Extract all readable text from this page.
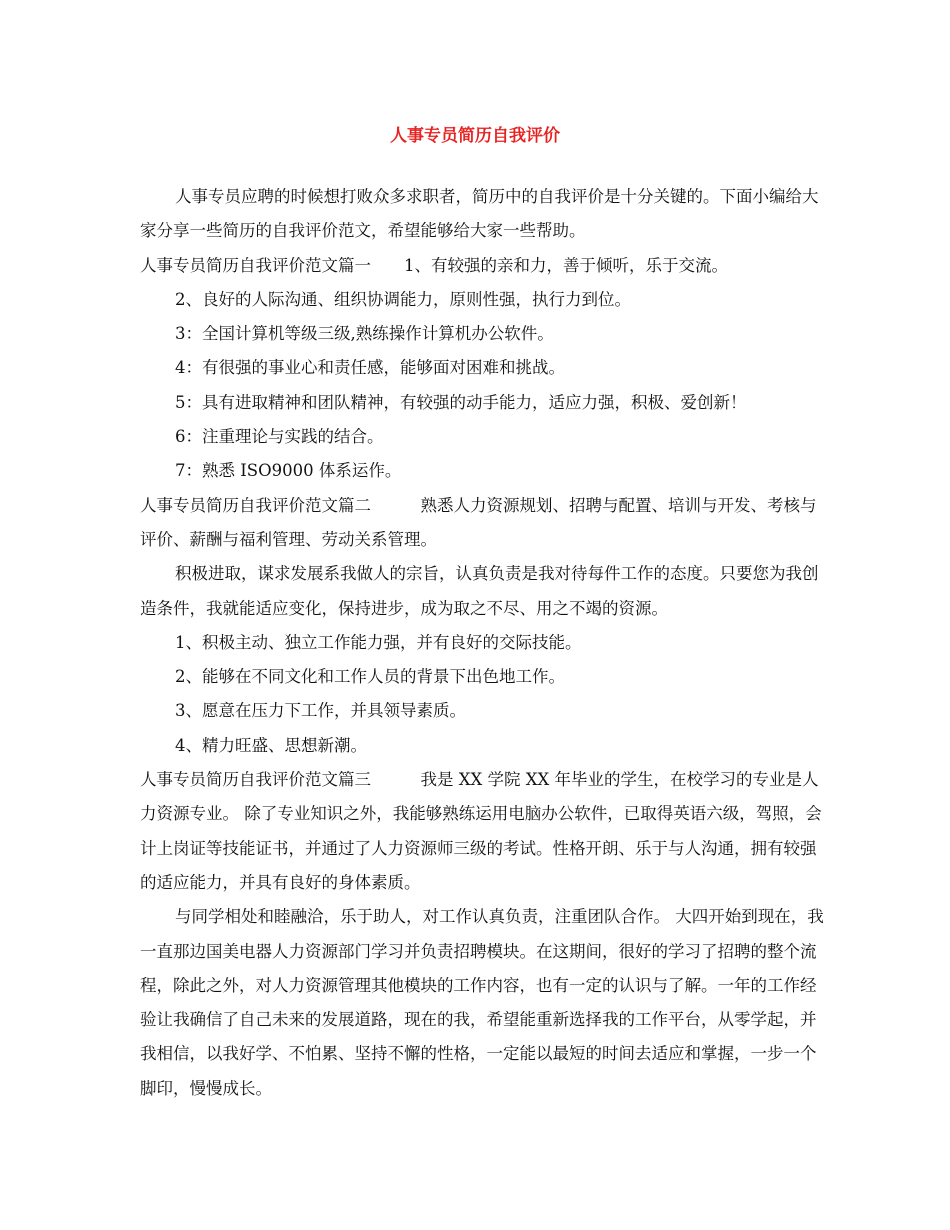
人事专员简历自我评价

人事专员应聘的时候想打败众多求职者，简历中的自我评价是十分关键的。下面小编给大家分享一些简历的自我评价范文，希望能够给大家一些帮助。

人事专员简历自我评价范文篇一　　1、有较强的亲和力，善于倾听，乐于交流。

2、良好的人际沟通、组织协调能力，原则性强，执行力到位。

3：全国计算机等级三级,熟练操作计算机办公软件。

4：有很强的事业心和责任感，能够面对困难和挑战。

5：具有进取精神和团队精神，有较强的动手能力，适应力强，积极、爱创新！

6：注重理论与实践的结合。

7：熟悉 ISO9000 体系运作。

人事专员简历自我评价范文篇二　　　熟悉人力资源规划、招聘与配置、培训与开发、考核与评价、薪酬与福利管理、劳动关系管理。

积极进取，谋求发展系我做人的宗旨，认真负责是我对待每件工作的态度。只要您为我创造条件，我就能适应变化，保持进步，成为取之不尽、用之不竭的资源。

1、积极主动、独立工作能力强，并有良好的交际技能。

2、能够在不同文化和工作人员的背景下出色地工作。

3、愿意在压力下工作，并具领导素质。

4、精力旺盛、思想新潮。

人事专员简历自我评价范文篇三　　　我是 XX 学院 XX 年毕业的学生，在校学习的专业是人力资源专业。 除了专业知识之外，我能够熟练运用电脑办公软件，已取得英语六级，驾照，会计上岗证等技能证书，并通过了人力资源师三级的考试。性格开朗、乐于与人沟通，拥有较强的适应能力，并具有良好的身体素质。

与同学相处和睦融洽，乐于助人，对工作认真负责，注重团队合作。 大四开始到现在，我一直那边国美电器人力资源部门学习并负责招聘模块。在这期间，很好的学习了招聘的整个流程，除此之外，对人力资源管理其他模块的工作内容，也有一定的认识与了解。一年的工作经验让我确信了自己未来的发展道路，现在的我，希望能重新选择我的工作平台，从零学起，并我相信，以我好学、不怕累、坚持不懈的性格，一定能以最短的时间去适应和掌握，一步一个脚印，慢慢成长。
